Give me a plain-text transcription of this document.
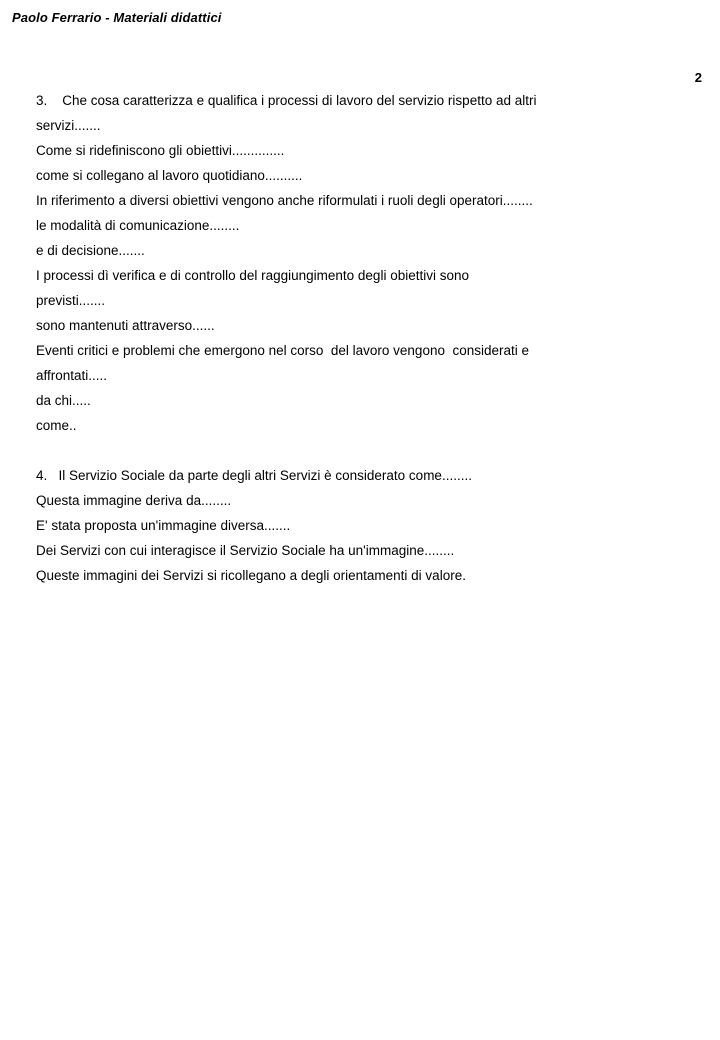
Paolo Ferrario - Materiali didattici
2
3.    Che cosa caratterizza e qualifica i processi di lavoro del servizio rispetto ad altri
servizi.......
Come si ridefiniscono gli obiettivi..............
come si collegano al lavoro quotidiano..........
In riferimento a diversi obiettivi vengono anche riformulati i ruoli degli operatori........
le modalità di comunicazione........
e di decisione.......
I processi dì verifica e di controllo del raggiungimento degli obiettivi sono
previsti.......
sono mantenuti attraverso......
Eventi critici e problemi che emergono nel corso  del lavoro vengono  considerati e
affrontati.....
da chi.....
come..
4.   Il Servizio Sociale da parte degli altri Servizi è considerato come........
Questa immagine deriva da........
E' stata proposta un'immagine diversa.......
Dei Servizi con cui interagisce il Servizio Sociale ha un'immagine........
Queste immagini dei Servizi si ricollegano a degli orientamenti di valore.
